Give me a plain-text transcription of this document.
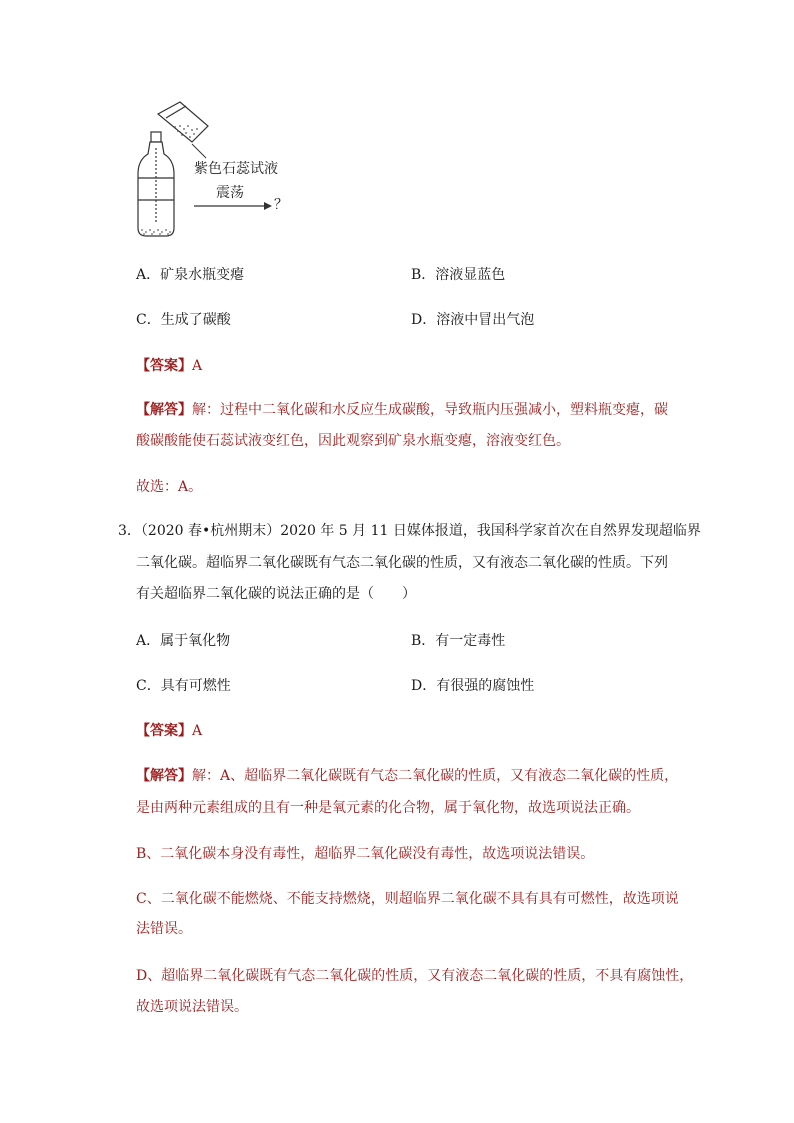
紫色石蕊试液
震荡
？
A．矿泉水瓶变瘪	B．溶液显蓝色
C．生成了碳酸	D．溶液中冒出气泡
【答案】A
【解答】解：过程中二氧化碳和水反应生成碳酸，导致瓶内压强减小，塑料瓶变瘪，碳
酸碳酸能使石蕊试液变红色，因此观察到矿泉水瓶变瘪，溶液变红色。
故选：A。
3．（2020 春•杭州期末）2020 年 5 月 11 日媒体报道，我国科学家首次在自然界发现超临界
二氧化碳。超临界二氧化碳既有气态二氧化碳的性质，又有液态二氧化碳的性质。下列
有关超临界二氧化碳的说法正确的是（　　）
A．属于氧化物	B．有一定毒性
C．具有可燃性	D．有很强的腐蚀性
【答案】A
【解答】解：A、超临界二氧化碳既有气态二氧化碳的性质，又有液态二氧化碳的性质，
是由两种元素组成的且有一种是氧元素的化合物，属于氧化物，故选项说法正确。
B、二氧化碳本身没有毒性，超临界二氧化碳没有毒性，故选项说法错误。
C、二氧化碳不能燃烧、不能支持燃烧，则超临界二氧化碳不具有具有可燃性，故选项说
法错误。
D、超临界二氧化碳既有气态二氧化碳的性质，又有液态二氧化碳的性质，不具有腐蚀性，
故选项说法错误。
